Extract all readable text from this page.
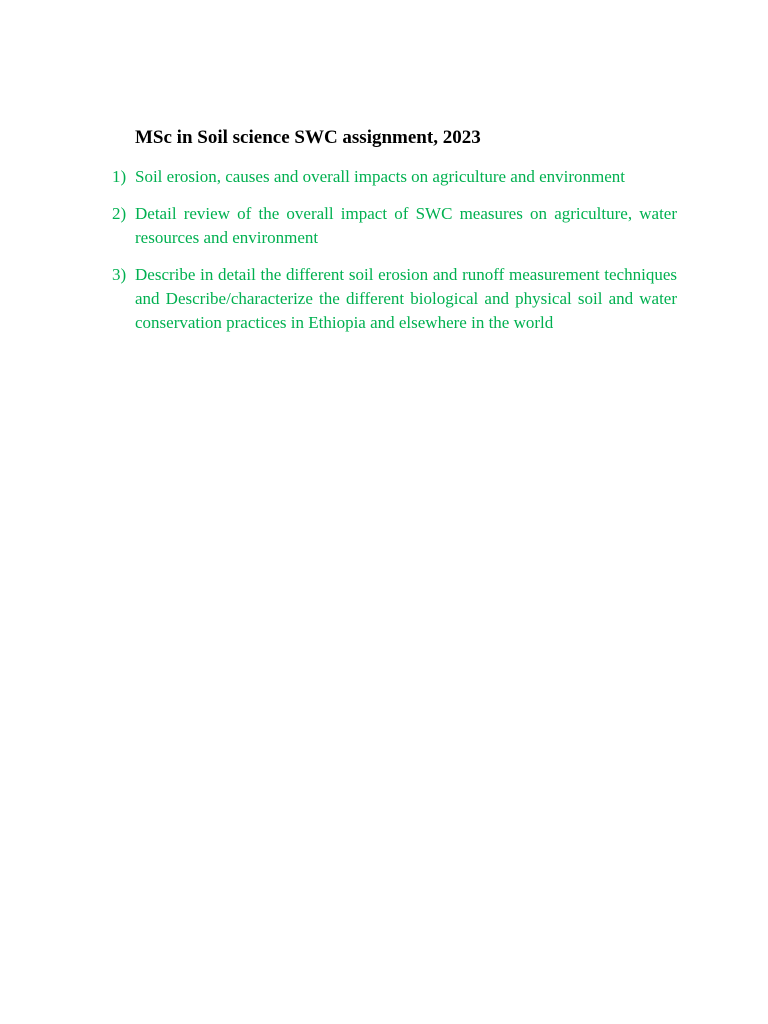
MSc in Soil science SWC assignment, 2023
1) Soil erosion, causes and overall impacts on agriculture and environment
2) Detail review of the overall impact of SWC measures on agriculture, water resources and environment
3) Describe in detail the different soil erosion and runoff measurement techniques and Describe/characterize the different biological and physical soil and water conservation practices in Ethiopia and elsewhere in the world
